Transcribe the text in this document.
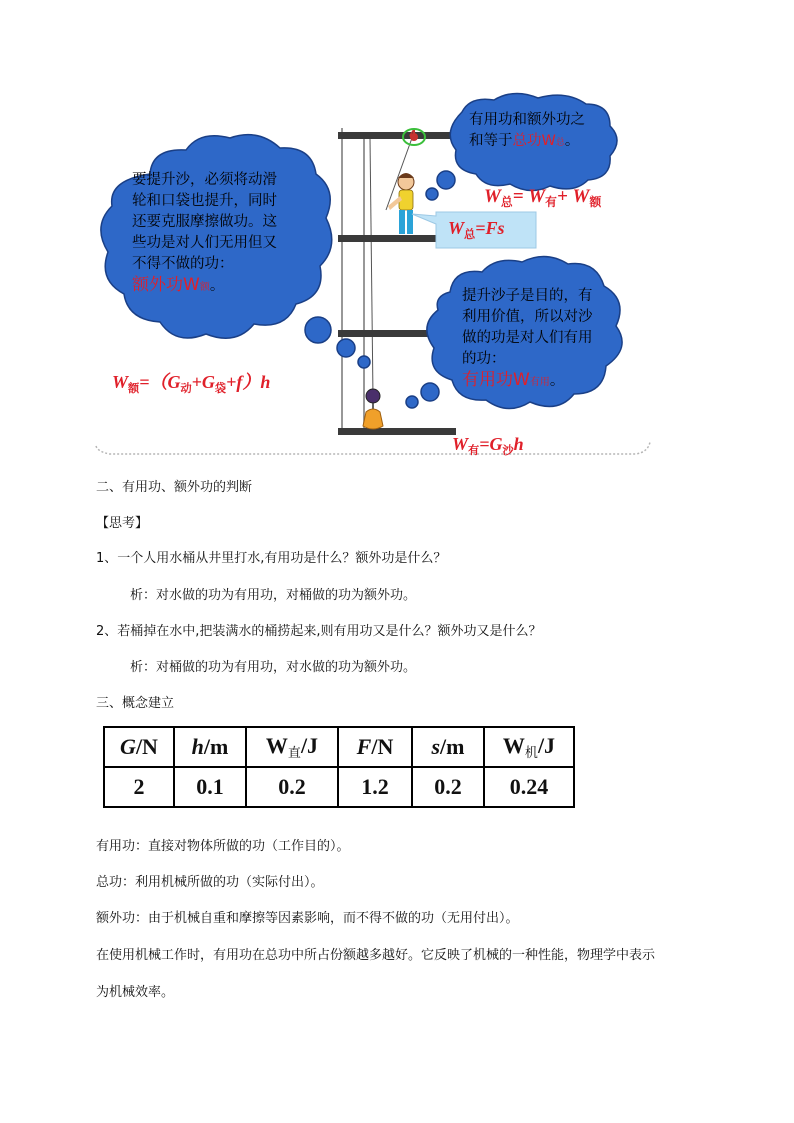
要提升沙，必须将动滑轮和口袋也提升，同时还要克服摩擦做功。这些功是对人们无用但又不得不做的功：
额外功W额。
有用功和额外功之和等于总功W总。
提升沙子是目的，有利用价值，所以对沙做的功是对人们有用的功：
有用功W有用。
4
$W_总= W_有+ W_额$
$W_总=Fs$
$W_额=(G_动+G_袋+f)h$
$W_有=G_沙h$
二、有用功、额外功的判断
【思考】
1、一个人用水桶从井里打水,有用功是什么？额外功是什么？
析：对水做的功为有用功，对桶做的功为额外功。
2、若桶掉在水中,把装满水的桶捞起来,则有用功又是什么？额外功又是什么？
析：对桶做的功为有用功，对水做的功为额外功。
三、概念建立
G/N	h/m	W直/J	F/N	s/m	W机/J
2	0.1	0.2	1.2	0.2	0.24
有用功：直接对物体所做的功（工作目的）。
总功：利用机械所做的功（实际付出）。
额外功：由于机械自重和摩擦等因素影响，而不得不做的功（无用付出）。
在使用机械工作时，有用功在总功中所占份额越多越好。它反映了机械的一种性能，物理学中表示
为机械效率。
